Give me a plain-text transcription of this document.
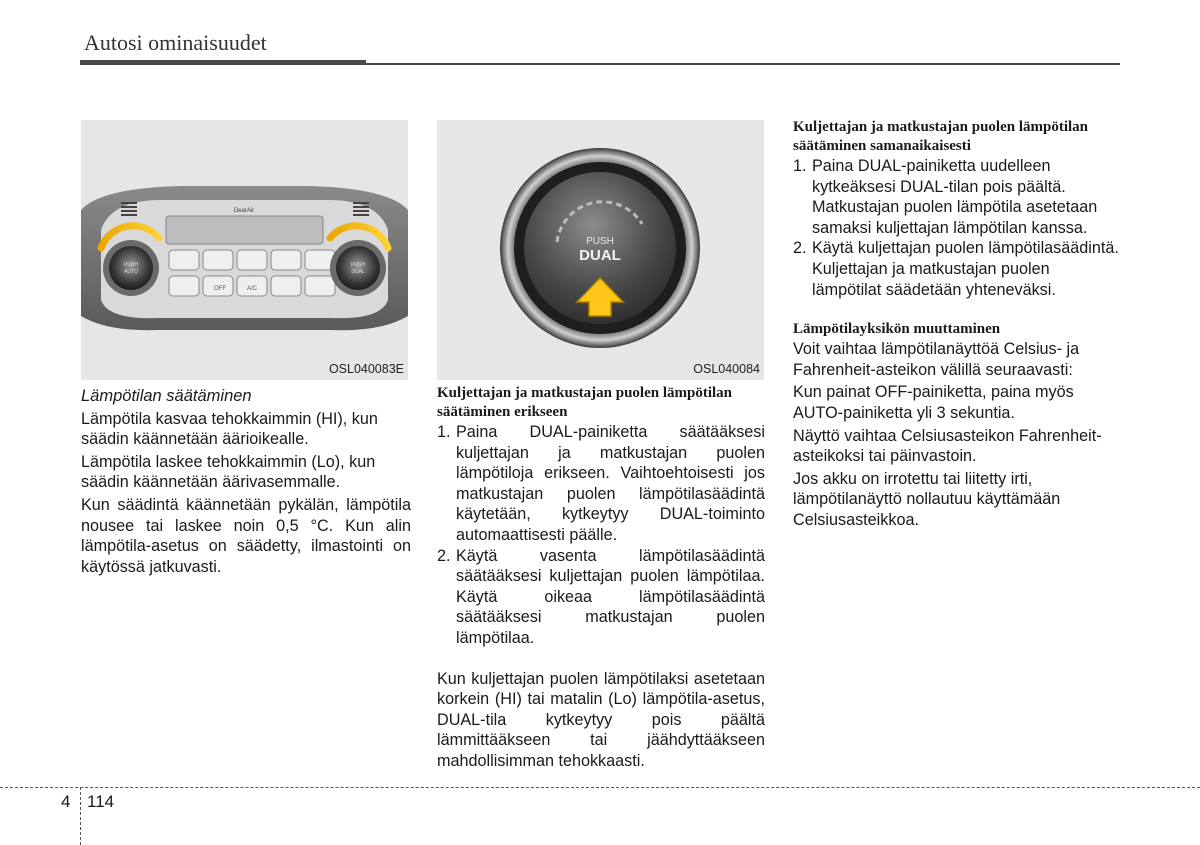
Autosi ominaisuudet
DearAir
A/C
OFF
PUSH
AUTO
PUSH
DUAL
OSL040083E
PUSH
DUAL
OSL040084

Lämpötilan säätäminen

Lämpötila kasvaa tehokkaimmin (HI), kun säädin käännetään äärioikealle.

Lämpötila laskee tehokkaimmin (Lo), kun säädin käännetään äärivasemmalle.

Kun säädintä käännetään pykälän, lämpötila nousee tai laskee noin 0,5 °C. Kun alin lämpötila-asetus on säädetty, ilmastointi on käytössä jatkuvasti.

Kuljettajan ja matkustajan puolen lämpötilan säätäminen erikseen

1. Paina DUAL-painiketta säätääksesi kuljettajan ja matkustajan puolen lämpötiloja erikseen. Vaihtoehtoisesti jos matkustajan puolen lämpötilasäädintä käytetään, kytkeytyy DUAL-toiminto automaattisesti päälle.
2. Käytä vasenta lämpötilasäädintä säätääksesi kuljettajan puolen lämpötilaa. Käytä oikeaa lämpötilasäädintä säätääksesi matkustajan puolen lämpötilaa.

Kun kuljettajan puolen lämpötilaksi asetetaan korkein (HI) tai matalin (Lo) lämpötila-asetus, DUAL-tila kytkeytyy pois päältä lämmittääkseen tai jäähdyttääkseen mahdollisimman tehokkaasti.

Kuljettajan ja matkustajan puolen lämpötilan säätäminen samanaikaisesti

1. Paina DUAL-painiketta uudelleen kytkeäksesi DUAL-tilan pois päältä. Matkustajan puolen lämpötila asetetaan samaksi kuljettajan lämpötilan kanssa.
2. Käytä kuljettajan puolen lämpötilasäädintä. Kuljettajan ja matkustajan puolen lämpötilat säädetään yhteneväksi.

Lämpötilayksikön muuttaminen

Voit vaihtaa lämpötilanäyttöä Celsius- ja Fahrenheit-asteikon välillä seuraavasti:

Kun painat OFF-painiketta, paina myös AUTO-painiketta yli 3 sekuntia.

Näyttö vaihtaa Celsiusasteikon Fahrenheit-asteikoksi tai päinvastoin.

Jos akku on irrotettu tai liitetty irti, lämpötilanäyttö nollautuu käyttämään Celsiusasteikkoa.

4 114
